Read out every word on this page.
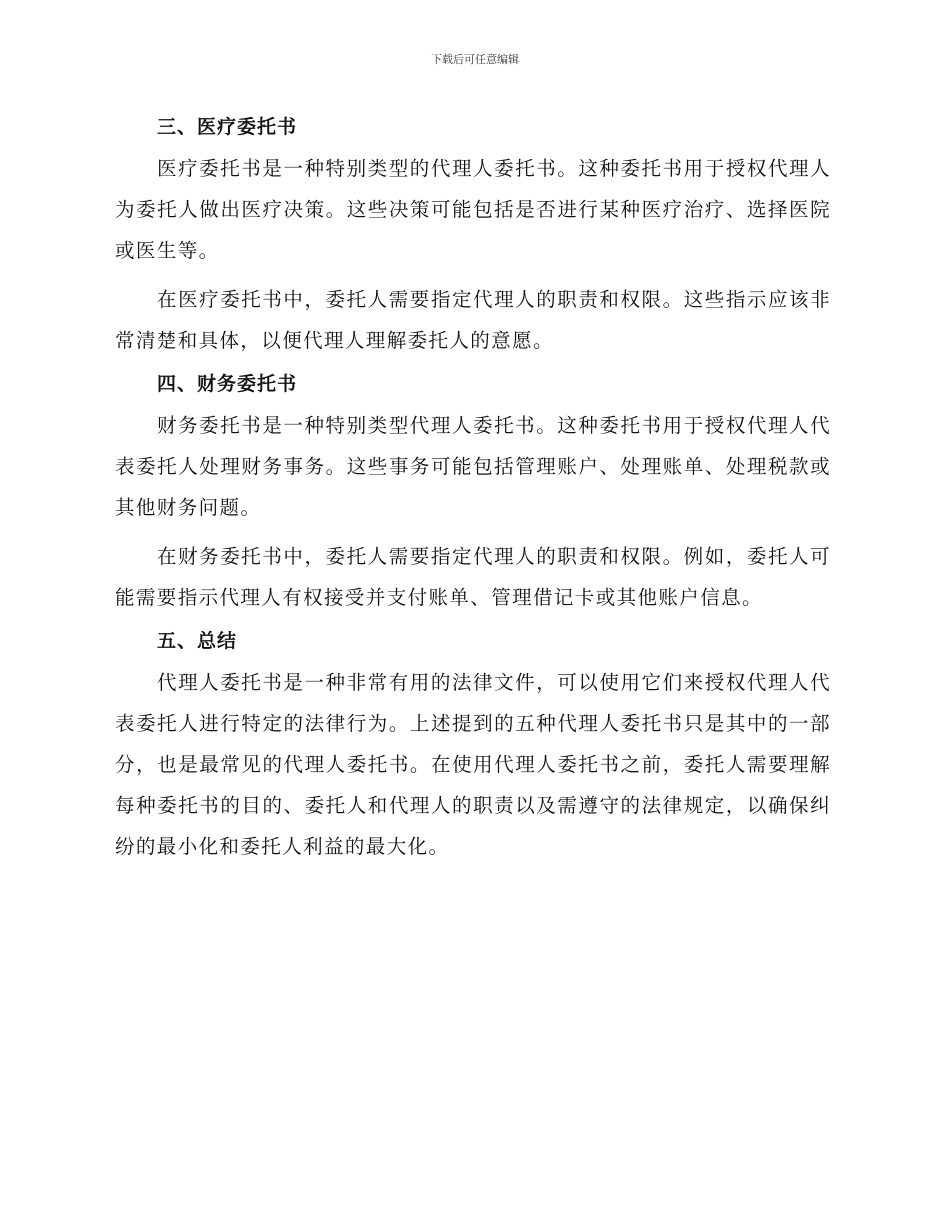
下载后可任意编辑
三、医疗委托书

医疗委托书是一种特别类型的代理人委托书。这种委托书用于授权代理人为委托人做出医疗决策。这些决策可能包括是否进行某种医疗治疗、选择医院或医生等。

在医疗委托书中，委托人需要指定代理人的职责和权限。这些指示应该非常清楚和具体，以便代理人理解委托人的意愿。

四、财务委托书

财务委托书是一种特别类型代理人委托书。这种委托书用于授权代理人代表委托人处理财务事务。这些事务可能包括管理账户、处理账单、处理税款或其他财务问题。

在财务委托书中，委托人需要指定代理人的职责和权限。例如，委托人可能需要指示代理人有权接受并支付账单、管理借记卡或其他账户信息。

五、总结

代理人委托书是一种非常有用的法律文件，可以使用它们来授权代理人代表委托人进行特定的法律行为。上述提到的五种代理人委托书只是其中的一部分，也是最常见的代理人委托书。在使用代理人委托书之前，委托人需要理解每种委托书的目的、委托人和代理人的职责以及需遵守的法律规定，以确保纠纷的最小化和委托人利益的最大化。
